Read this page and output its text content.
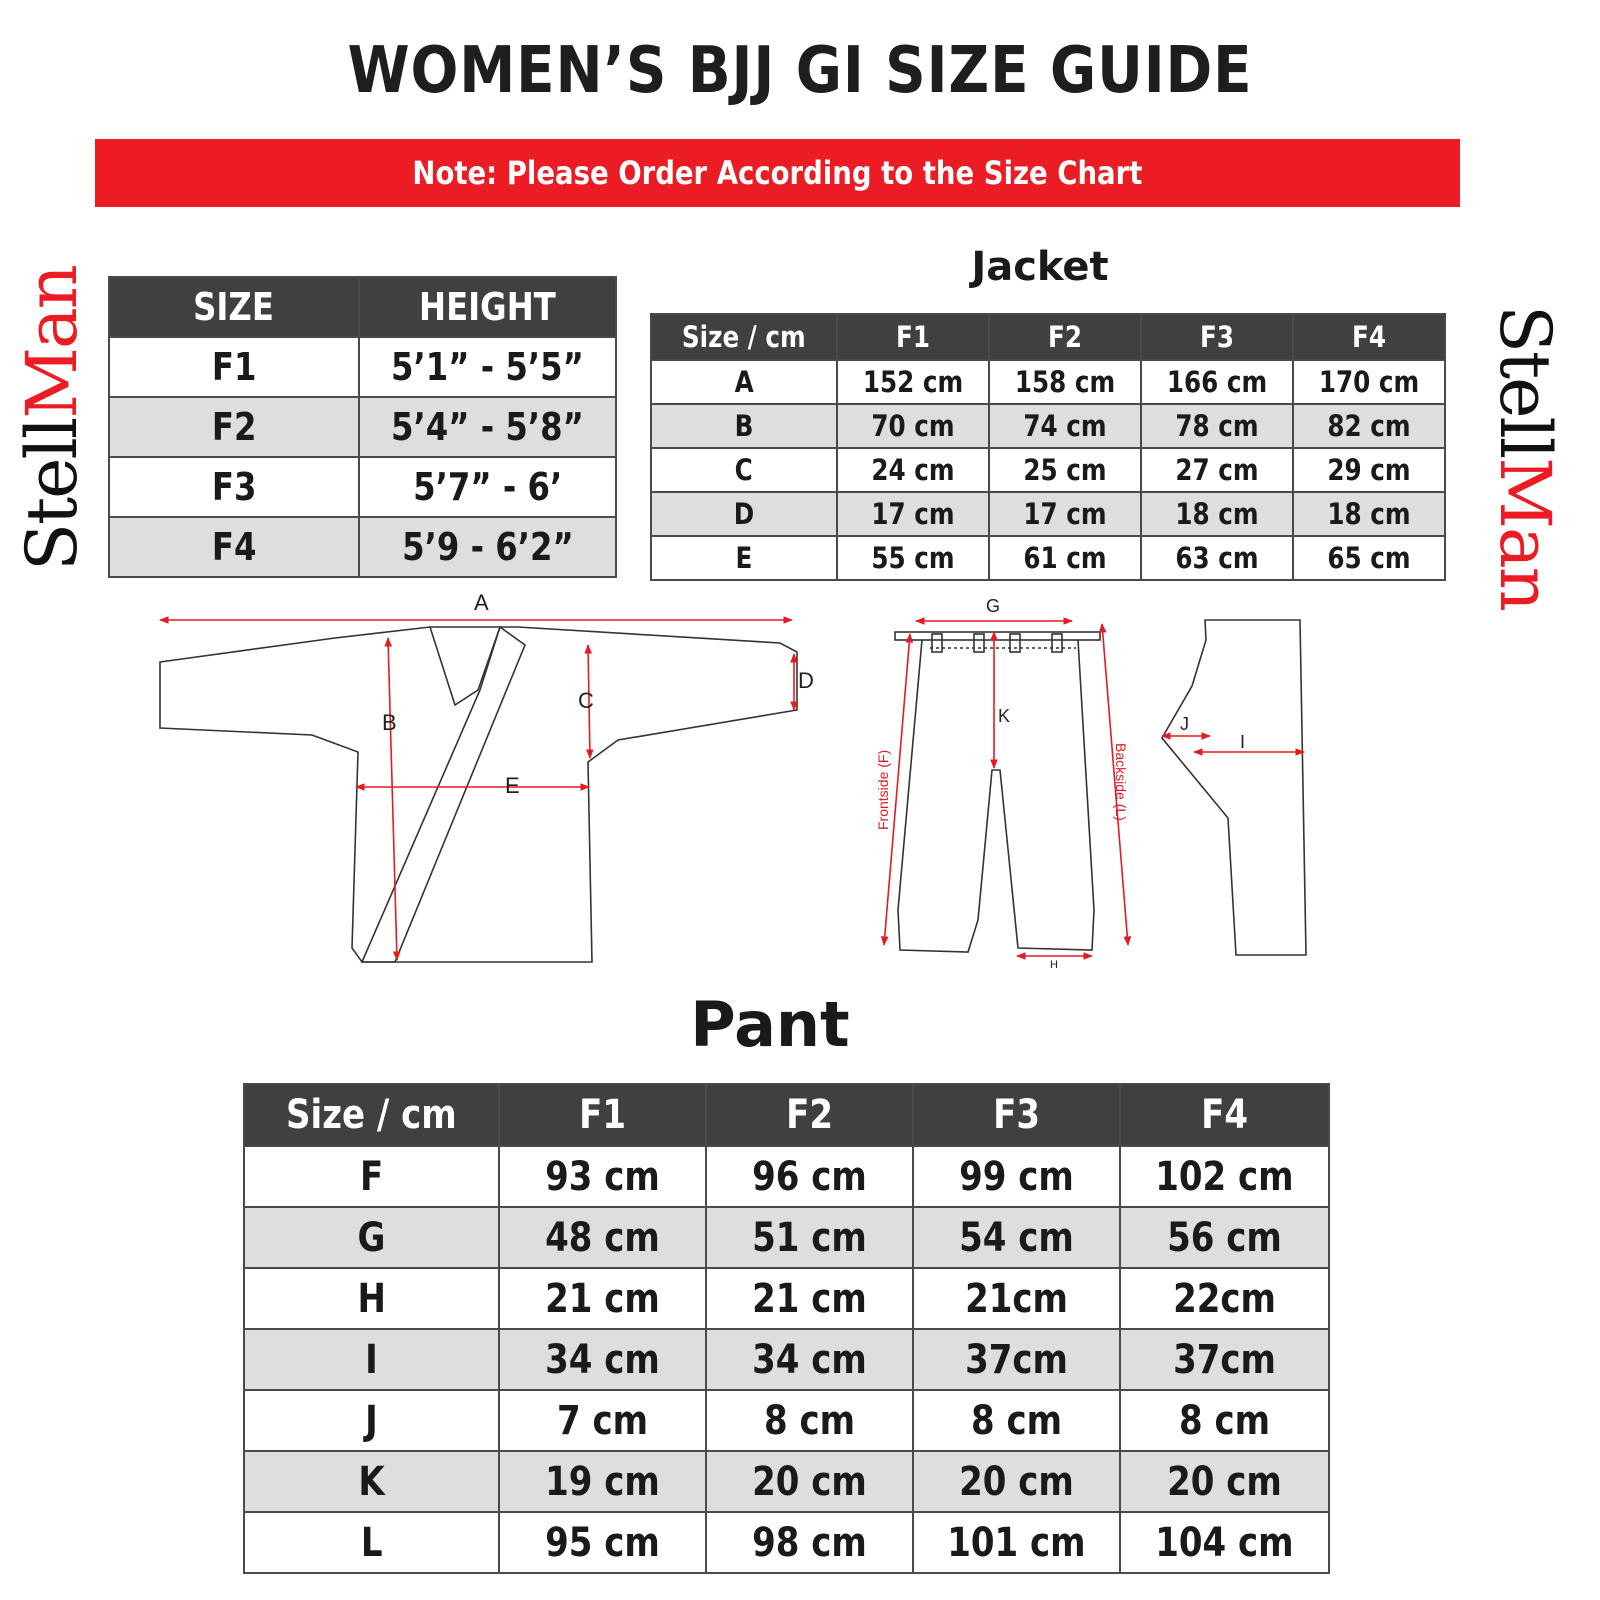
WOMEN’S BJJ GI SIZE GUIDE
Note: Please Order According to the Size Chart
StellMan	StellMan
SIZE	HEIGHT
F1	5’1” - 5’5”
F2	5’4” - 5’8”
F3	5’7” - 6’
F4	5’9 - 6’2”
Jacket
Size / cm	F1	F2	F3	F4
A	152 cm	158 cm	166 cm	170 cm
B	70 cm	74 cm	78 cm	82 cm
C	24 cm	25 cm	27 cm	29 cm
D	17 cm	17 cm	18 cm	18 cm
E	55 cm	61 cm	63 cm	65 cm
A
B
C
D
E
G
K
H
Frontside (F)	Backside (L)
J
I
Pant
Size / cm	F1	F2	F3	F4
F	93 cm	96 cm	99 cm	102 cm
G	48 cm	51 cm	54 cm	56 cm
H	21 cm	21 cm	21cm	22cm
I	34 cm	34 cm	37cm	37cm
J	7 cm	8 cm	8 cm	8 cm
K	19 cm	20 cm	20 cm	20 cm
L	95 cm	98 cm	101 cm	104 cm
